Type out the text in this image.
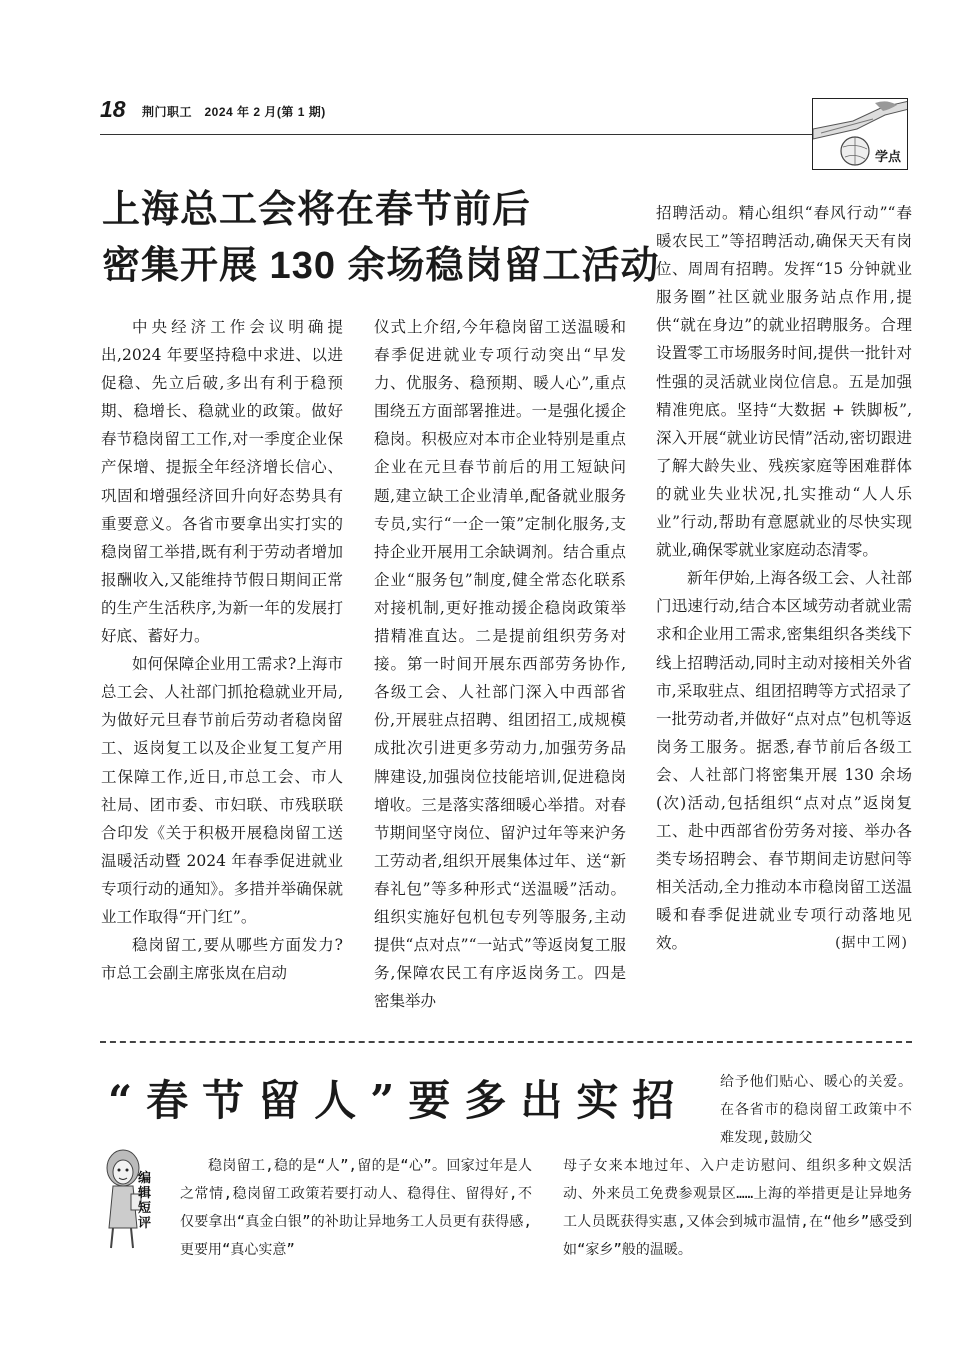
18 荆门职工　2024 年 2 月(第 1 期)
学点
上海总工会将在春节前后
密集开展 130 余场稳岗留工活动

中央经济工作会议明确提出,2024 年要坚持稳中求进、以进促稳、先立后破,多出有利于稳预期、稳增长、稳就业的政策。做好春节稳岗留工工作,对一季度企业保产保增、提振全年经济增长信心、巩固和增强经济回升向好态势具有重要意义。各省市要拿出实打实的稳岗留工举措,既有利于劳动者增加报酬收入,又能维持节假日期间正常的生产生活秩序,为新一年的发展打好底、蓄好力。

如何保障企业用工需求?上海市总工会、人社部门抓抢稳就业开局,为做好元旦春节前后劳动者稳岗留工、返岗复工以及企业复工复产用工保障工作,近日,市总工会、市人社局、团市委、市妇联、市残联联合印发《关于积极开展稳岗留工送温暖活动暨 2024 年春季促进就业专项行动的通知》。多措并举确保就业工作取得“开门红”。

稳岗留工,要从哪些方面发力?市总工会副主席张岚在启动

仪式上介绍,今年稳岗留工送温暖和春季促进就业专项行动突出“早发力、优服务、稳预期、暖人心”,重点围绕五方面部署推进。一是强化援企稳岗。积极应对本市企业特别是重点企业在元旦春节前后的用工短缺问题,建立缺工企业清单,配备就业服务专员,实行“一企一策”定制化服务,支持企业开展用工余缺调剂。结合重点企业“服务包”制度,健全常态化联系对接机制,更好推动援企稳岗政策举措精准直达。二是提前组织劳务对接。第一时间开展东西部劳务协作,各级工会、人社部门深入中西部省份,开展驻点招聘、组团招工,成规模成批次引进更多劳动力,加强劳务品牌建设,加强岗位技能培训,促进稳岗增收。三是落实落细暖心举措。对春节期间坚守岗位、留沪过年等来沪务工劳动者,组织开展集体过年、送“新春礼包”等多种形式“送温暖”活动。组织实施好包机包专列等服务,主动提供“点对点”“一站式”等返岗复工服务,保障农民工有序返岗务工。四是密集举办

招聘活动。精心组织“春风行动”“春暖农民工”等招聘活动,确保天天有岗位、周周有招聘。发挥“15 分钟就业服务圈”社区就业服务站点作用,提供“就在身边”的就业招聘服务。合理设置零工市场服务时间,提供一批针对性强的灵活就业岗位信息。五是加强精准兜底。坚持“大数据 + 铁脚板”,深入开展“就业访民情”活动,密切跟进了解大龄失业、残疾家庭等困难群体的就业失业状况,扎实推动“人人乐业”行动,帮助有意愿就业的尽快实现就业,确保零就业家庭动态清零。

新年伊始,上海各级工会、人社部门迅速行动,结合本区域劳动者就业需求和企业用工需求,密集组织各类线下线上招聘活动,同时主动对接相关外省市,采取驻点、组团招聘等方式招录了一批劳动者,并做好“点对点”包机等返岗务工服务。据悉,春节前后各级工会、人社部门将密集开展 130 余场(次)活动,包括组织“点对点”返岗复工、赴中西部省份劳务对接、举办各类专场招聘会、春节期间走访慰问等相关活动,全力推动本市稳岗留工送温暖和春季促进就业专项行动落地见效。	(据中工网)

“春节留人”要多出实招 给予他们贴心、暖心的关爱。在各省市的稳岗留工政策中不难发现,鼓励父

编辑短评

稳岗留工,稳的是“人”,留的是“心”。回家过年是人之常情,稳岗留工政策若要打动人、稳得住、留得好,不仅要拿出“真金白银”的补助让异地务工人员更有获得感,更要用“真心实意”

母子女来本地过年、入户走访慰问、组织多种文娱活动、外来员工免费参观景区……上海的举措更是让异地务工人员既获得实惠,又体会到城市温情,在“他乡”感受到如“家乡”般的温暖。
